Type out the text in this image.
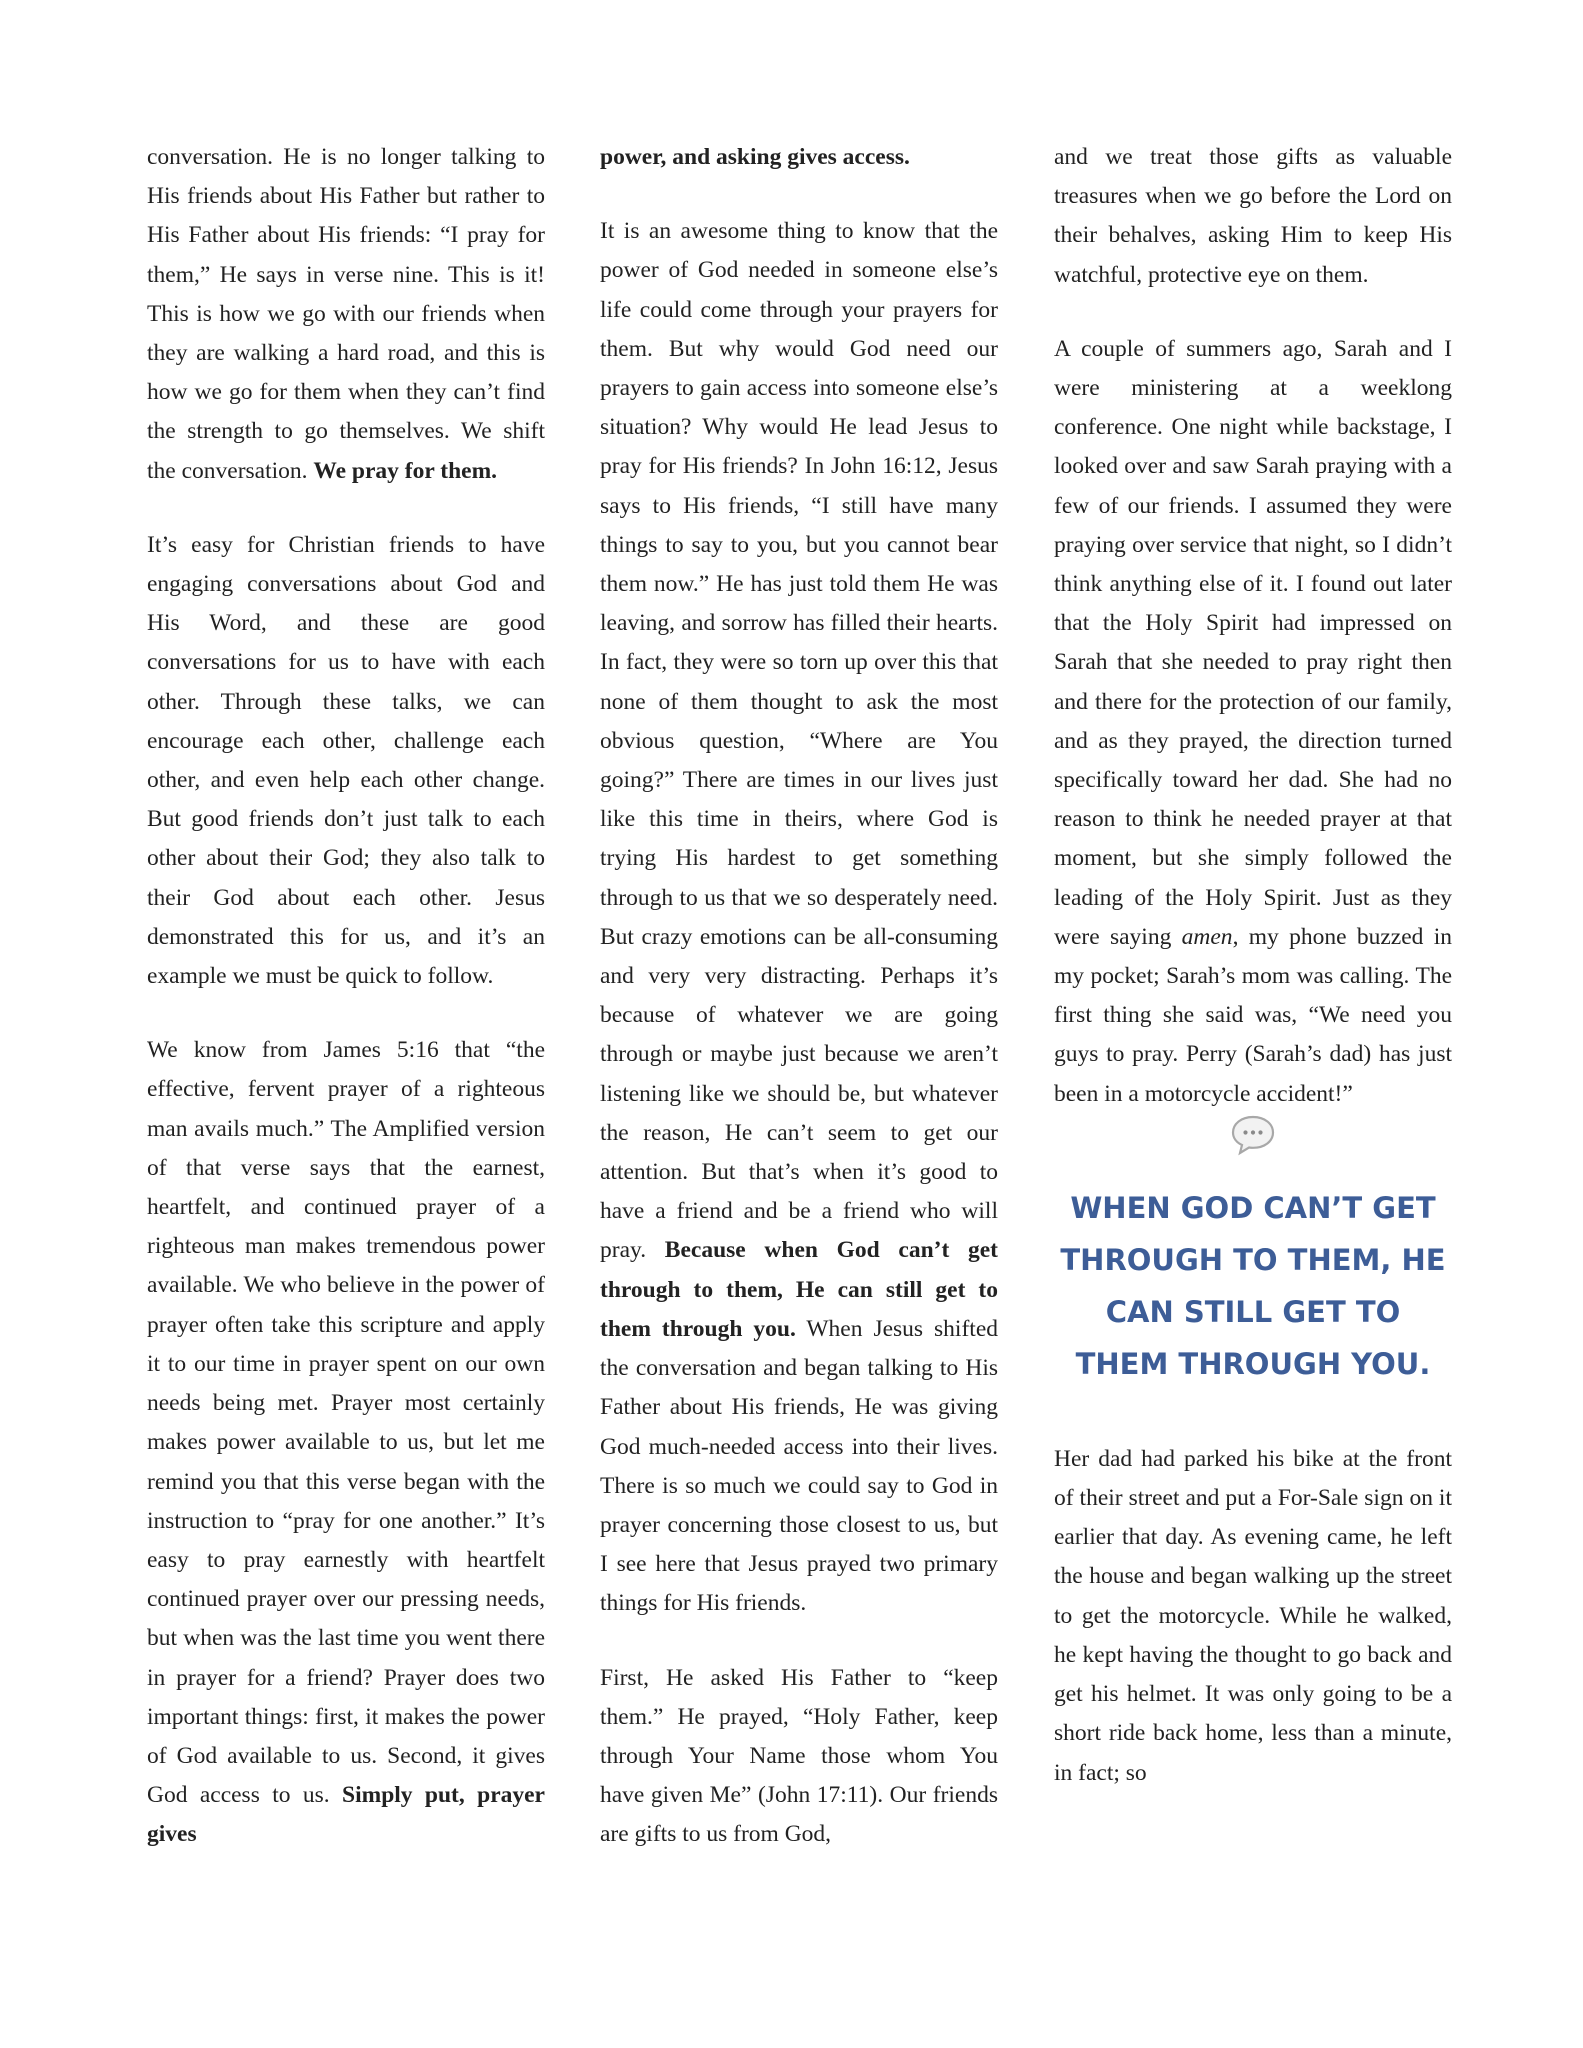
conversation. He is no longer talking to His friends about His Father but rather to His Father about His friends: “I pray for them,” He says in verse nine. This is it! This is how we go with our friends when they are walking a hard road, and this is how we go for them when they can’t find the strength to go themselves. We shift the conversation. We pray for them.

It’s easy for Christian friends to have engaging conversations about God and His Word, and these are good conversations for us to have with each other. Through these talks, we can encourage each other, challenge each other, and even help each other change. But good friends don’t just talk to each other about their God; they also talk to their God about each other. Jesus demonstrated this for us, and it’s an example we must be quick to follow.

We know from James 5:16 that “the effective, fervent prayer of a righteous man avails much.” The Amplified version of that verse says that the earnest, heartfelt, and continued prayer of a righteous man makes tremendous power available. We who believe in the power of prayer often take this scripture and apply it to our time in prayer spent on our own needs being met. Prayer most certainly makes power available to us, but let me remind you that this verse began with the instruction to “pray for one another.” It’s easy to pray earnestly with heartfelt continued prayer over our pressing needs, but when was the last time you went there in prayer for a friend? Prayer does two important things: first, it makes the power of God available to us. Second, it gives God access to us. Simply put, prayer gives

power, and asking gives access.

It is an awesome thing to know that the power of God needed in someone else’s life could come through your prayers for them. But why would God need our prayers to gain access into someone else’s situation? Why would He lead Jesus to pray for His friends? In John 16:12, Jesus says to His friends, “I still have many things to say to you, but you cannot bear them now.” He has just told them He was leaving, and sorrow has filled their hearts. In fact, they were so torn up over this that none of them thought to ask the most obvious question, “Where are You going?” There are times in our lives just like this time in theirs, where God is trying His hardest to get something through to us that we so desperately need. But crazy emotions can be all-consuming and very very distracting. Perhaps it’s because of whatever we are going through or maybe just because we aren’t listening like we should be, but whatever the reason, He can’t seem to get our attention. But that’s when it’s good to have a friend and be a friend who will pray. Because when God can’t get through to them, He can still get to them through you. When Jesus shifted the conversation and began talking to His Father about His friends, He was giving God much-needed access into their lives. There is so much we could say to God in prayer concerning those closest to us, but I see here that Jesus prayed two primary things for His friends.

First, He asked His Father to “keep them.” He prayed, “Holy Father, keep through Your Name those whom You have given Me” (John 17:11). Our friends are gifts to us from God,

and we treat those gifts as valuable treasures when we go before the Lord on their behalves, asking Him to keep His watchful, protective eye on them.

A couple of summers ago, Sarah and I were ministering at a weeklong conference. One night while backstage, I looked over and saw Sarah praying with a few of our friends. I assumed they were praying over service that night, so I didn’t think anything else of it. I found out later that the Holy Spirit had impressed on Sarah that she needed to pray right then and there for the protection of our family, and as they prayed, the direction turned specifically toward her dad. She had no reason to think he needed prayer at that moment, but she simply followed the leading of the Holy Spirit. Just as they were saying amen, my phone buzzed in my pocket; Sarah’s mom was calling. The first thing she said was, “We need you guys to pray. Perry (Sarah’s dad) has just been in a motorcycle accident!”

WHEN GOD CAN’T GET THROUGH TO THEM, HE CAN STILL GET TO THEM THROUGH YOU.

Her dad had parked his bike at the front of their street and put a For-Sale sign on it earlier that day. As evening came, he left the house and began walking up the street to get the motorcycle. While he walked, he kept having the thought to go back and get his helmet. It was only going to be a short ride back home, less than a minute, in fact; so
